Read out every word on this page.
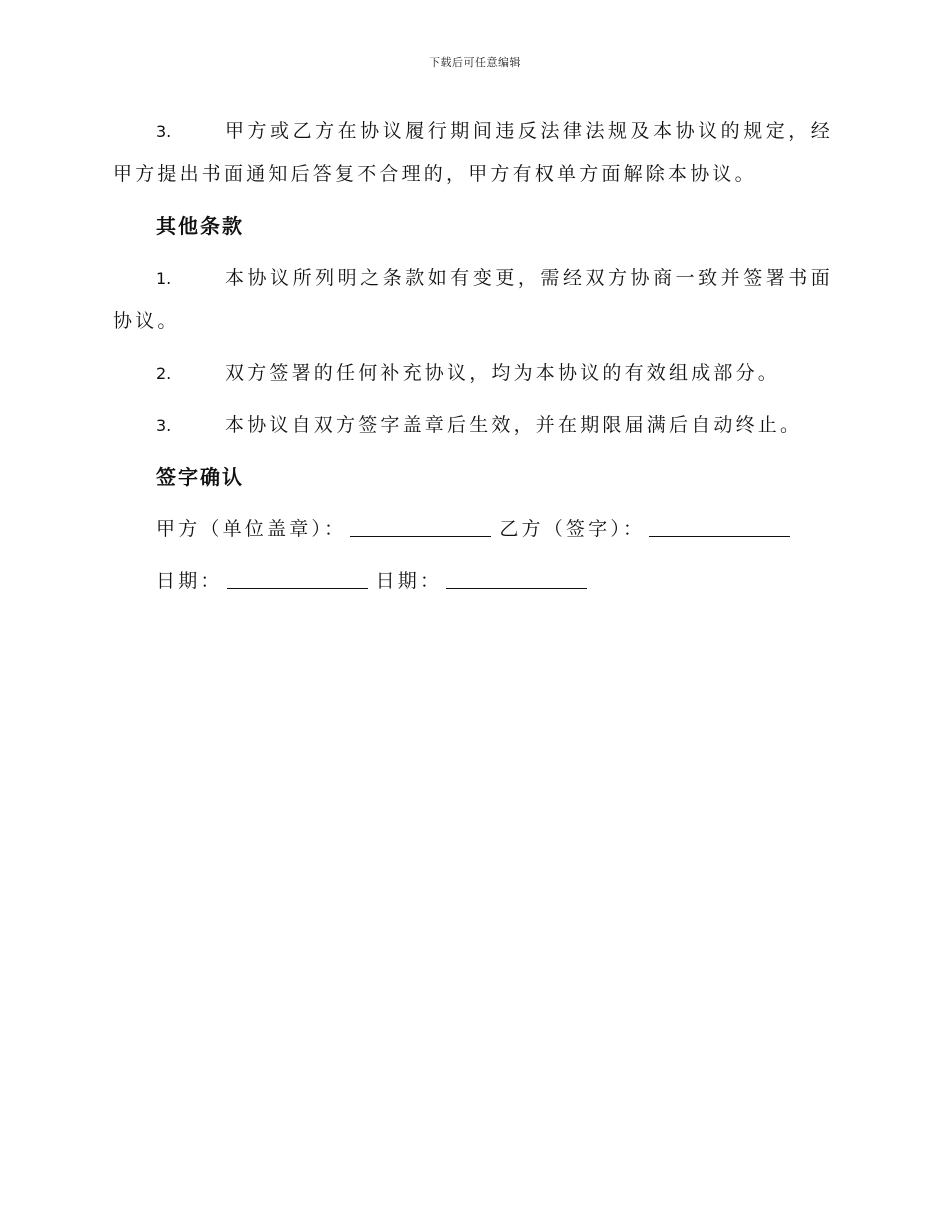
下载后可任意编辑

3.	甲方或乙方在协议履行期间违反法律法规及本协议的规定，经甲方提出书面通知后答复不合理的，甲方有权单方面解除本协议。

其他条款

1.	本协议所列明之条款如有变更，需经双方协商一致并签署书面协议。

2.	双方签署的任何补充协议，均为本协议的有效组成部分。

3.	本协议自双方签字盖章后生效，并在期限届满后自动终止。

签字确认
甲方（单位盖章）：	乙方（签字）：
日期：	日期：
